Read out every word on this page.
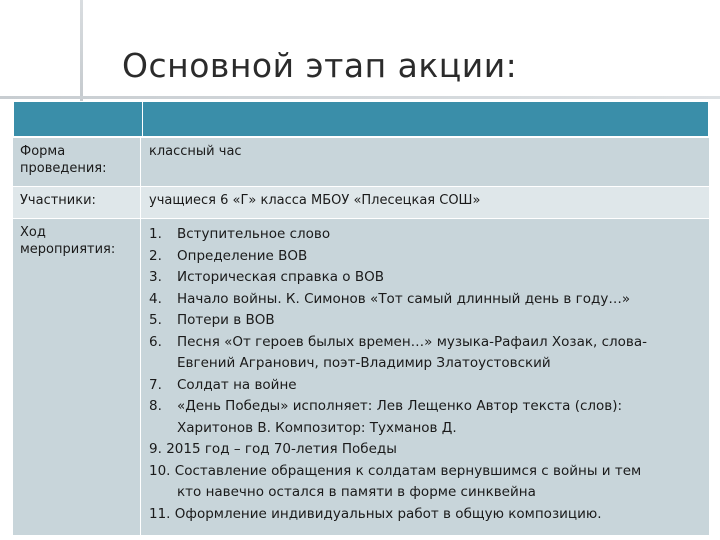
Основной этап акции:
Форма проведения:
классный час
Участники:	учащиеся 6 «Г» класса МБОУ «Плесецкая СОШ»
Ход мероприятия:
1.	Вступительное слово
2.	Определение ВОВ
3.	Историческая справка о ВОВ
4.	Начало войны. К. Симонов «Тот самый длинный день в году…»
5.	Потери в ВОВ
6.	Песня «От героев былых времен…» музыка-Рафаил Хозак, слова-
Евгений Агранович, поэт-Владимир Златоустовский
7.	Солдат на войне
8.	«День Победы» исполняет: Лев Лещенко Автор текста (слов):
Харитонов В. Композитор: Тухманов Д.
9. 2015 год – год 70-летия Победы
10. Составление обращения к солдатам вернувшимся с войны и тем
кто навечно остался в памяти в форме синквейна
11. Оформление индивидуальных работ в общую композицию.
